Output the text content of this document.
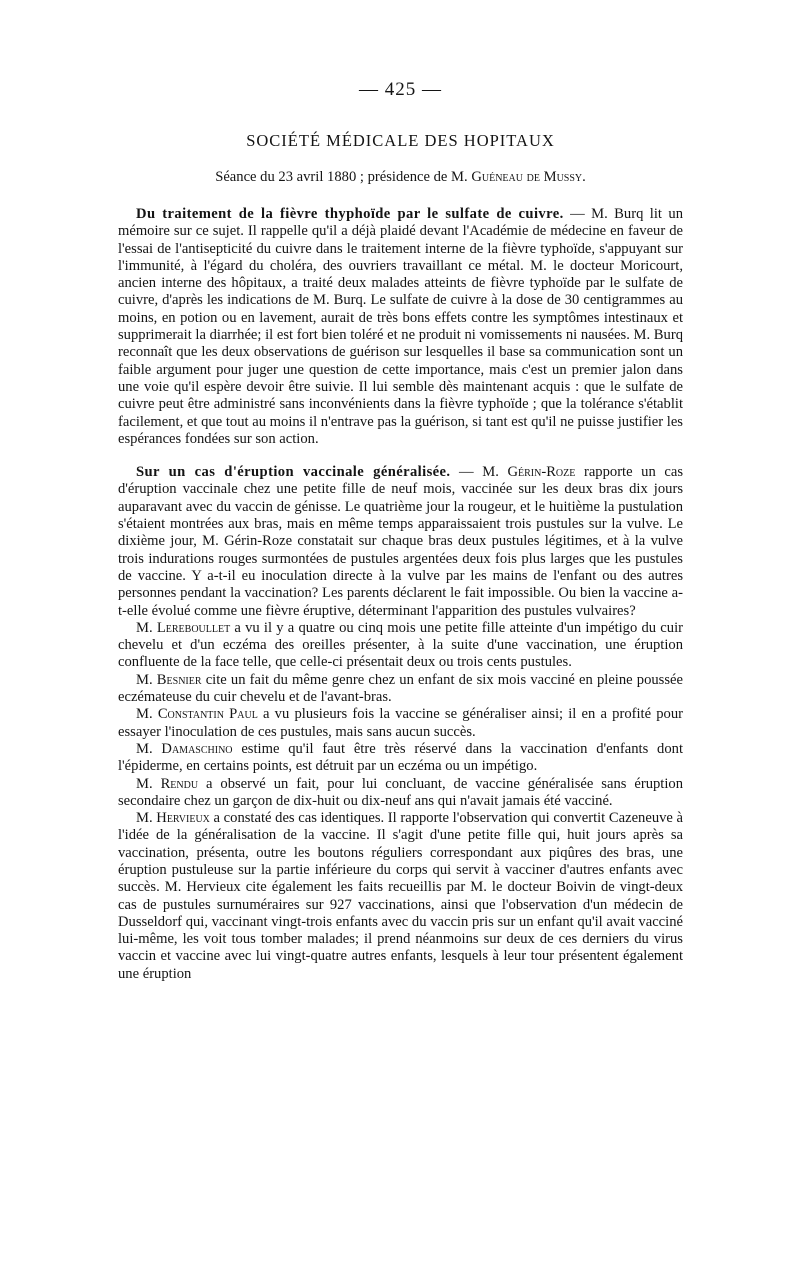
— 425 —
SOCIÉTÉ MÉDICALE DES HOPITAUX
Séance du 23 avril 1880 ; présidence de M. Guéneau de Mussy.

Du traitement de la fièvre thyphoïde par le sulfate de cuivre. — M. Burq lit un mémoire sur ce sujet. Il rappelle qu'il a déjà plaidé devant l'Académie de médecine en faveur de l'essai de l'antisepticité du cuivre dans le traitement interne de la fièvre typhoïde, s'appuyant sur l'immunité, à l'égard du choléra, des ouvriers travaillant ce métal. M. le docteur Moricourt, ancien interne des hôpitaux, a traité deux malades atteints de fièvre typhoïde par le sulfate de cuivre, d'après les indications de M. Burq. Le sulfate de cuivre à la dose de 30 centigrammes au moins, en potion ou en lavement, aurait de très bons effets contre les symptômes intestinaux et supprimerait la diarrhée; il est fort bien toléré et ne produit ni vomissements ni nausées. M. Burq reconnaît que les deux observations de guérison sur lesquelles il base sa communication sont un faible argument pour juger une question de cette importance, mais c'est un premier jalon dans une voie qu'il espère devoir être suivie. Il lui semble dès maintenant acquis : que le sulfate de cuivre peut être administré sans inconvénients dans la fièvre typhoïde ; que la tolérance s'établit facilement, et que tout au moins il n'entrave pas la guérison, si tant est qu'il ne puisse justifier les espérances fondées sur son action.

Sur un cas d'éruption vaccinale généralisée. — M. Gérin-Roze rapporte un cas d'éruption vaccinale chez une petite fille de neuf mois, vaccinée sur les deux bras dix jours auparavant avec du vaccin de génisse. Le quatrième jour la rougeur, et le huitième la pustulation s'étaient montrées aux bras, mais en même temps apparaissaient trois pustules sur la vulve. Le dixième jour, M. Gérin-Roze constatait sur chaque bras deux pustules légitimes, et à la vulve trois indurations rouges surmontées de pustules argentées deux fois plus larges que les pustules de vaccine. Y a-t-il eu inoculation directe à la vulve par les mains de l'enfant ou des autres personnes pendant la vaccination? Les parents déclarent le fait impossible. Ou bien la vaccine a-t-elle évolué comme une fièvre éruptive, déterminant l'apparition des pustules vulvaires?

M. Lereboullet a vu il y a quatre ou cinq mois une petite fille atteinte d'un impétigo du cuir chevelu et d'un eczéma des oreilles présenter, à la suite d'une vaccination, une éruption confluente de la face telle, que celle-ci présentait deux ou trois cents pustules.

M. Besnier cite un fait du même genre chez un enfant de six mois vacciné en pleine poussée eczémateuse du cuir chevelu et de l'avant-bras.

M. Constantin Paul a vu plusieurs fois la vaccine se généraliser ainsi; il en a profité pour essayer l'inoculation de ces pustules, mais sans aucun succès.

M. Damaschino estime qu'il faut être très réservé dans la vaccination d'enfants dont l'épiderme, en certains points, est détruit par un eczéma ou un impétigo.

M. Rendu a observé un fait, pour lui concluant, de vaccine généralisée sans éruption secondaire chez un garçon de dix-huit ou dix-neuf ans qui n'avait jamais été vacciné.

M. Hervieux a constaté des cas identiques. Il rapporte l'observation qui convertit Cazeneuve à l'idée de la généralisation de la vaccine. Il s'agit d'une petite fille qui, huit jours après sa vaccination, présenta, outre les boutons réguliers correspondant aux piqûres des bras, une éruption pustuleuse sur la partie inférieure du corps qui servit à vacciner d'autres enfants avec succès. M. Hervieux cite également les faits recueillis par M. le docteur Boivin de vingt-deux cas de pustules surnuméraires sur 927 vaccinations, ainsi que l'observation d'un médecin de Dusseldorf qui, vaccinant vingt-trois enfants avec du vaccin pris sur un enfant qu'il avait vacciné lui-même, les voit tous tomber malades; il prend néanmoins sur deux de ces derniers du virus vaccin et vaccine avec lui vingt-quatre autres enfants, lesquels à leur tour présentent également une éruption
